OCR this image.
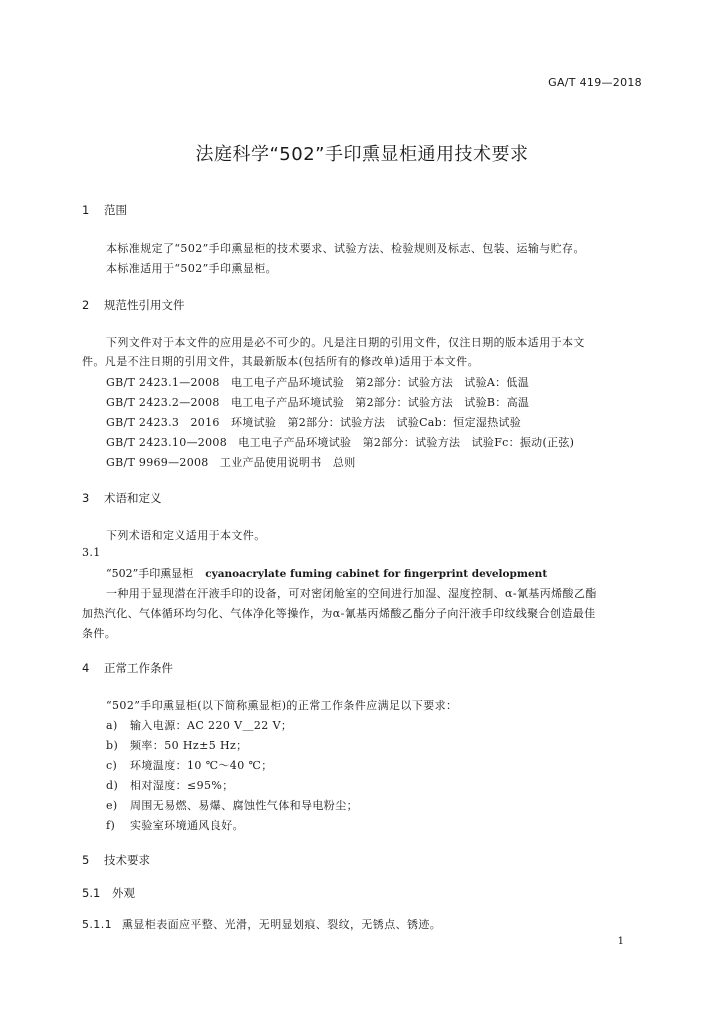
GA/T 419—2018
法庭科学“502”手印熏显柜通用技术要求
1 范围
本标准规定了“502”手印熏显柜的技术要求、试验方法、检验规则及标志、包装、运输与贮存。
本标准适用于“502”手印熏显柜。
2 规范性引用文件
下列文件对于本文件的应用是必不可少的。凡是注日期的引用文件，仅注日期的版本适用于本文
件。凡是不注日期的引用文件，其最新版本(包括所有的修改单)适用于本文件。
GB/T 2423.1—2008　电工电子产品环境试验　第2部分：试验方法　试验A：低温
GB/T 2423.2—2008　电工电子产品环境试验　第2部分：试验方法　试验B：高温
GB/T 2423.3　2016　环境试验　第2部分：试验方法　试验Cab：恒定湿热试验
GB/T 2423.10—2008　电工电子产品环境试验　第2部分：试验方法　试验Fc：振动(正弦)
GB/T 9969—2008　工业产品使用说明书　总则
3 术语和定义
下列术语和定义适用于本文件。
3.1
“502”手印熏显柜 cyanoacrylate fuming cabinet for fingerprint development
一种用于显现潜在汗液手印的设备，可对密闭舱室的空间进行加湿、湿度控制、α-氰基丙烯酸乙酯
加热汽化、气体循环均匀化、气体净化等操作，为α-氰基丙烯酸乙酯分子向汗液手印纹线聚合创造最佳
条件。
4 正常工作条件
“502”手印熏显柜(以下简称熏显柜)的正常工作条件应满足以下要求：
a) 输入电源：AC 220 V＿22 V；
b) 频率：50 Hz±5 Hz；
c) 环境温度：10 ℃～40 ℃；
d) 相对湿度：≤95%；
e) 周围无易燃、易爆、腐蚀性气体和导电粉尘；
f) 实验室环境通风良好。
5 技术要求
5.1 外观
5.1.1 熏显柜表面应平整、光滑，无明显划痕、裂纹，无锈点、锈迹。
1
